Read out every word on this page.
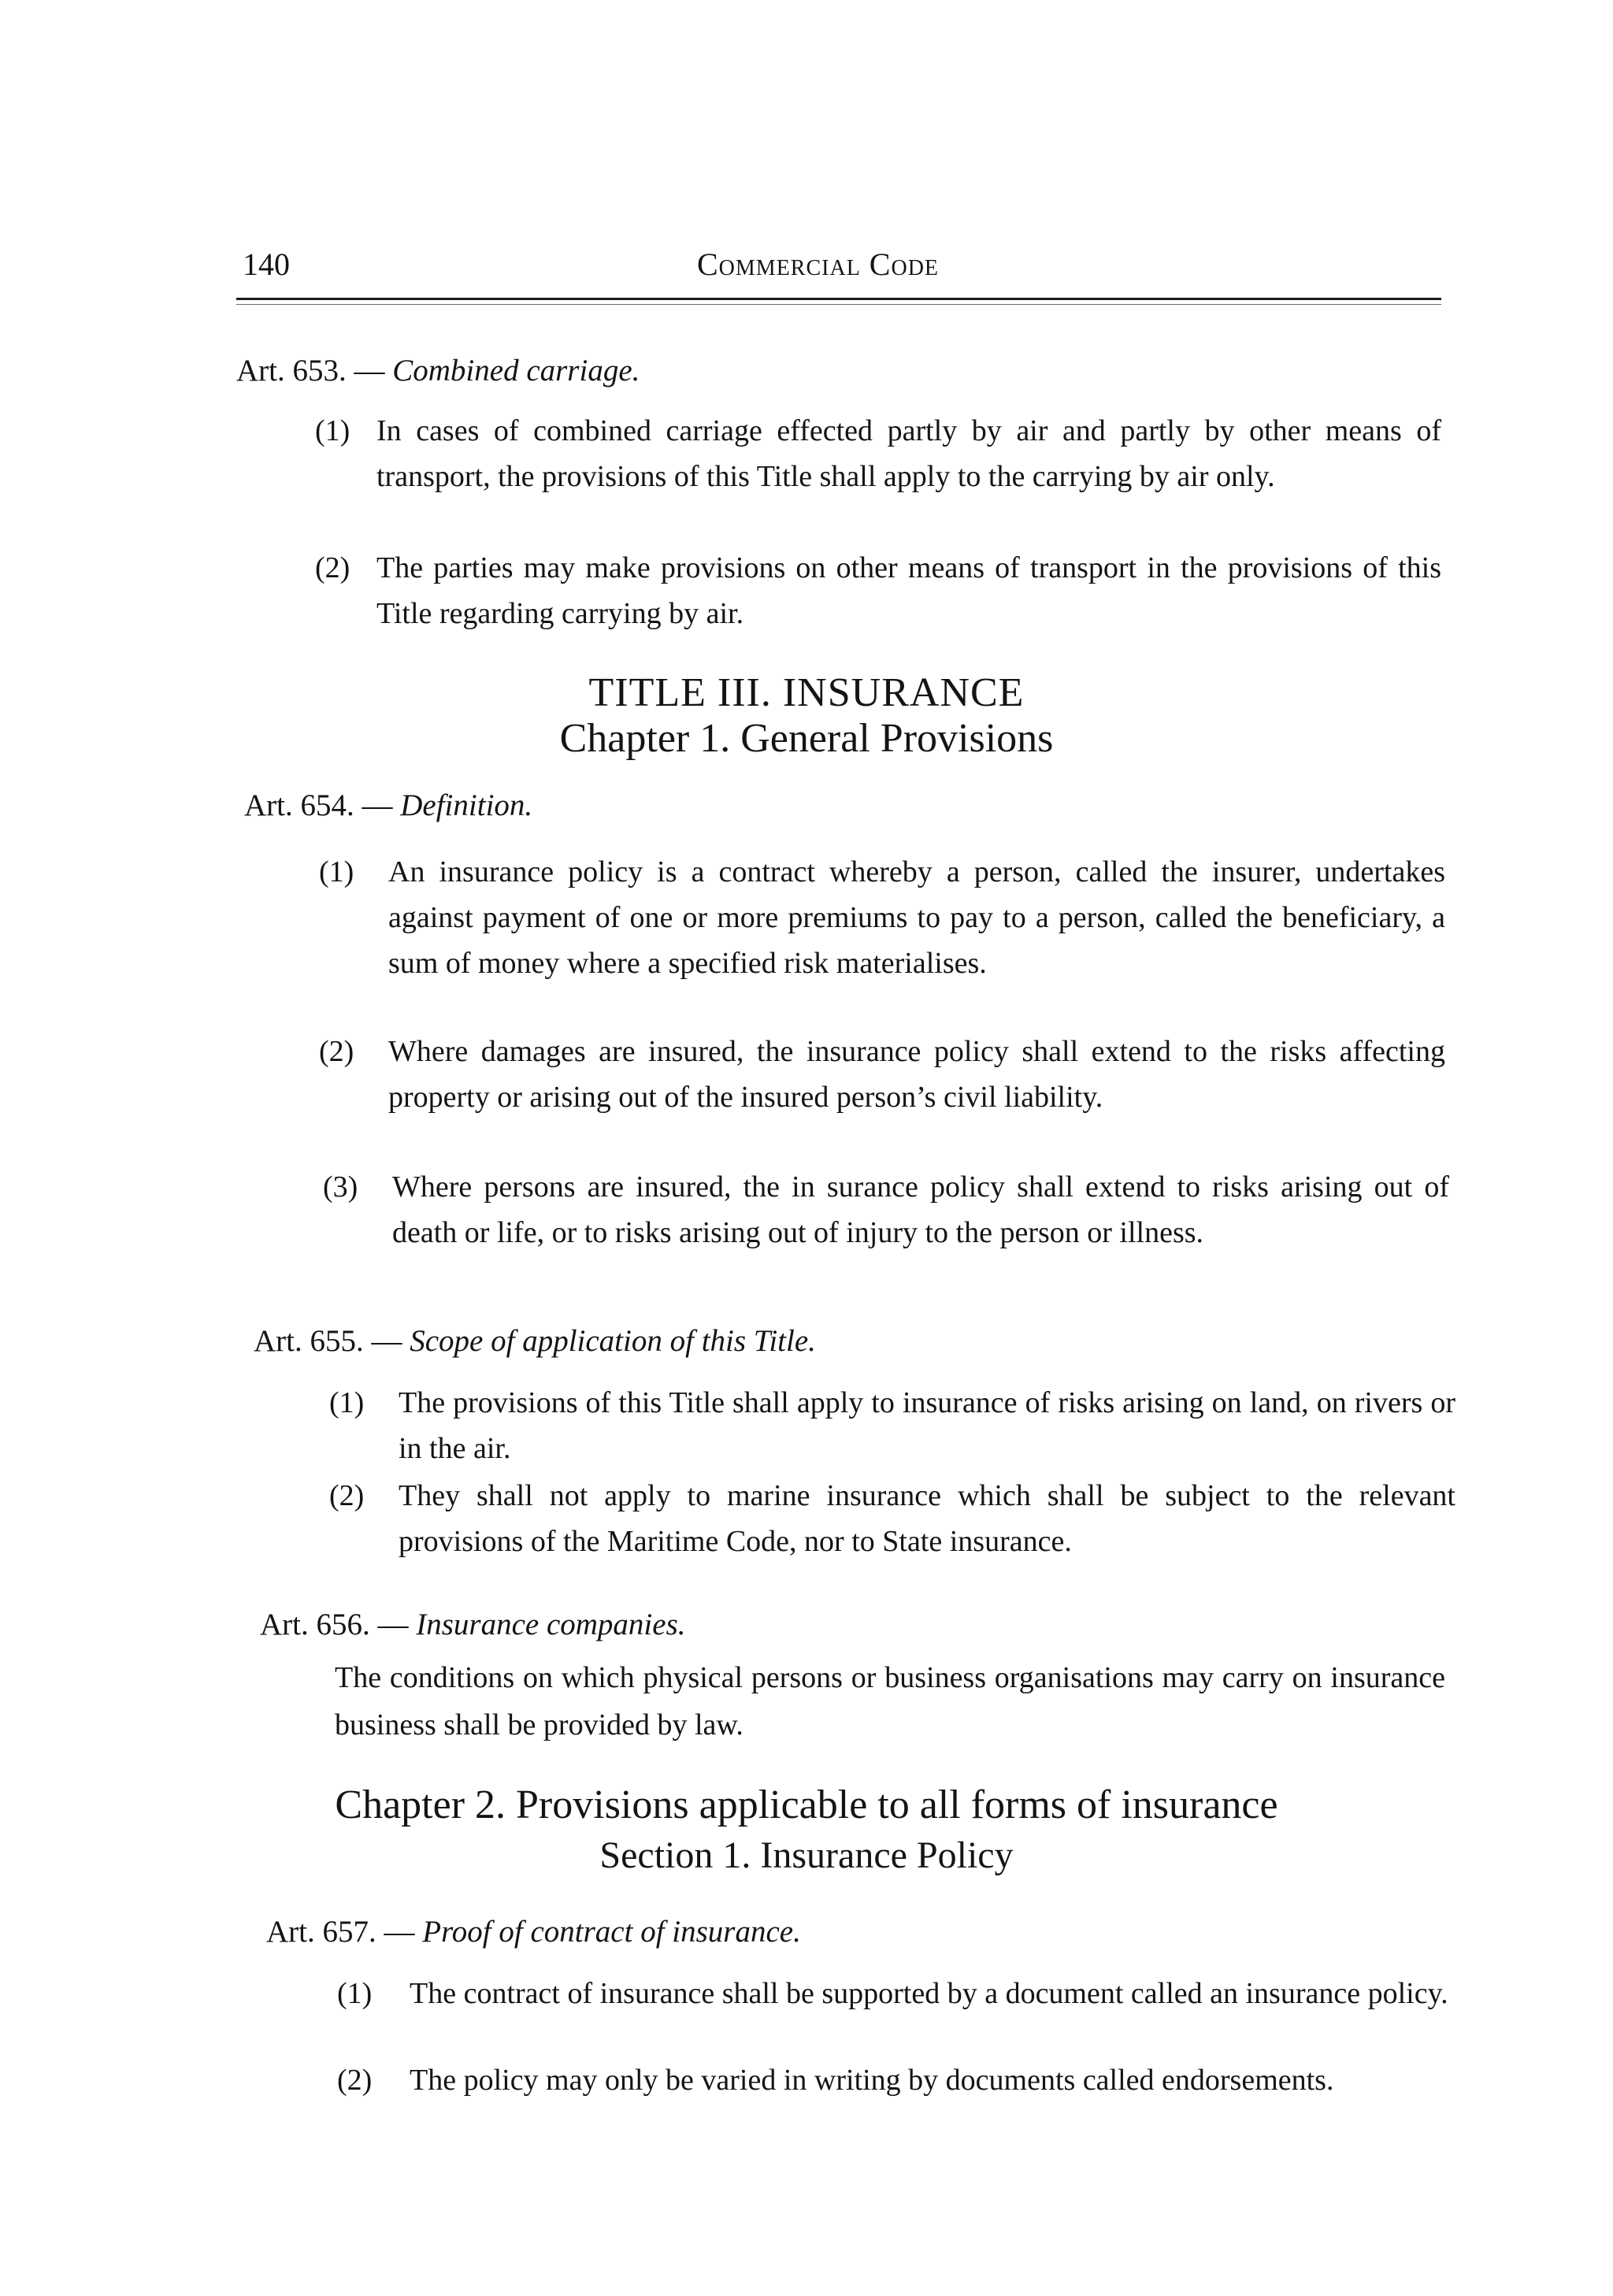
140	Commercial Code
Art. 653. — Combined carriage.
(1) In cases of combined carriage effected partly by air and partly by other means of transport, the provisions of this Title shall apply to the carrying by air only.
(2) The parties may make provisions on other means of transport in the provisions of this Title regarding carrying by air.
TITLE III. INSURANCE
Chapter 1. General Provisions
Art. 654. — Definition.
(1) An insurance policy is a contract whereby a person, called the insurer, undertakes against payment of one or more premiums to pay to a person, called the beneficiary, a sum of money where a specified risk materialises.
(2) Where damages are insured, the insurance policy shall extend to the risks affecting property or arising out of the insured person’s civil liability.
(3) Where persons are insured, the in surance policy shall extend to risks arising out of death or life, or to risks arising out of injury to the person or illness.
Art. 655. — Scope of application of this Title.
(1) The provisions of this Title shall apply to insurance of risks arising on land, on rivers or in the air.
(2) They shall not apply to marine insurance which shall be subject to the relevant provisions of the Maritime Code, nor to State insurance.
Art. 656. — Insurance companies.
The conditions on which physical persons or business organisations may carry on insurance business shall be provided by law.
Chapter 2. Provisions applicable to all forms of insurance
Section 1. Insurance Policy
Art. 657. — Proof of contract of insurance.
(1) The contract of insurance shall be supported by a document called an insurance policy.
(2) The policy may only be varied in writing by documents called endorsements.
